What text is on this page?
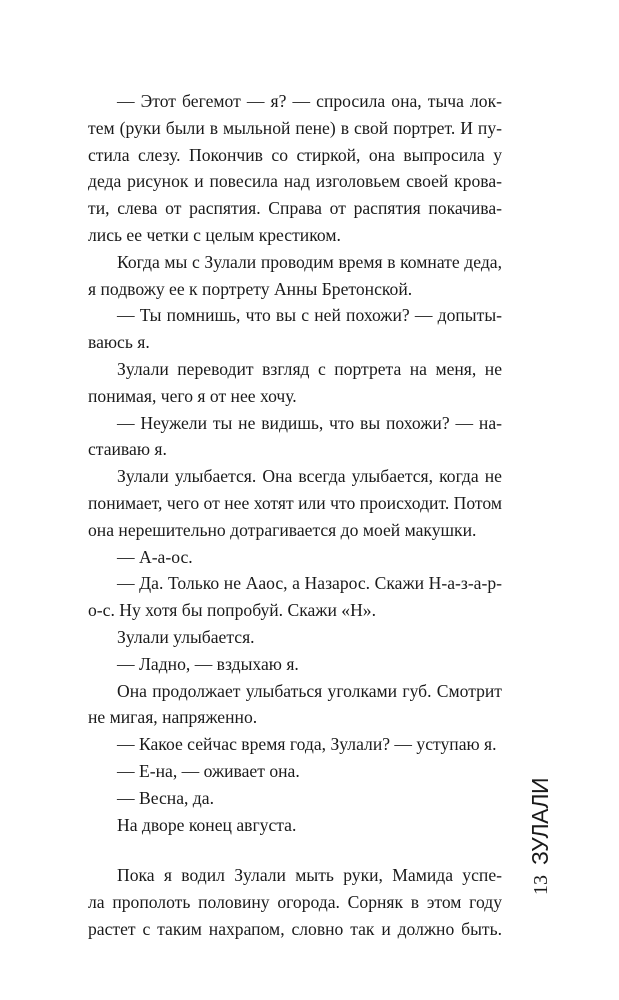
— Этот бегемот — я? — спросила она, тыча лок-
тем (руки были в мыльной пене) в свой портрет. И пу-
стила слезу. Покончив со стиркой, она выпросила у
деда рисунок и повесила над изголовьем своей крова-
ти, слева от распятия. Справа от распятия покачива-
лись ее четки с целым крестиком.
Когда мы с Зулали проводим время в комнате деда,
я подвожу ее к портрету Анны Бретонской.
— Ты помнишь, что вы с ней похожи? — допыты-
ваюсь я.
Зулали переводит взгляд с портрета на меня, не
понимая, чего я от нее хочу.
— Неужели ты не видишь, что вы похожи? — на-
стаиваю я.
Зулали улыбается. Она всегда улыбается, когда не
понимает, чего от нее хотят или что происходит. Потом
она нерешительно дотрагивается до моей макушки.
— А-а-ос.
— Да. Только не Аaос, а Назарос. Скажи Н-а-з-а-р-
о-с. Ну хотя бы попробуй. Скажи «Н».
Зулали улыбается.
— Ладно, — вздыхаю я.
Она продолжает улыбаться уголками губ. Смотрит
не мигая, напряженно.
— Какое сейчас время года, Зулали? — уступаю я.
— Е-на, — оживает она.
— Весна, да.
На дворе конец августа.
Пока я водил Зулали мыть руки, Мамида успе-
ла прополоть половину огорода. Сорняк в этом году
растет с таким нахрапом, словно так и должно быть.
ЗУЛАЛИ
13
